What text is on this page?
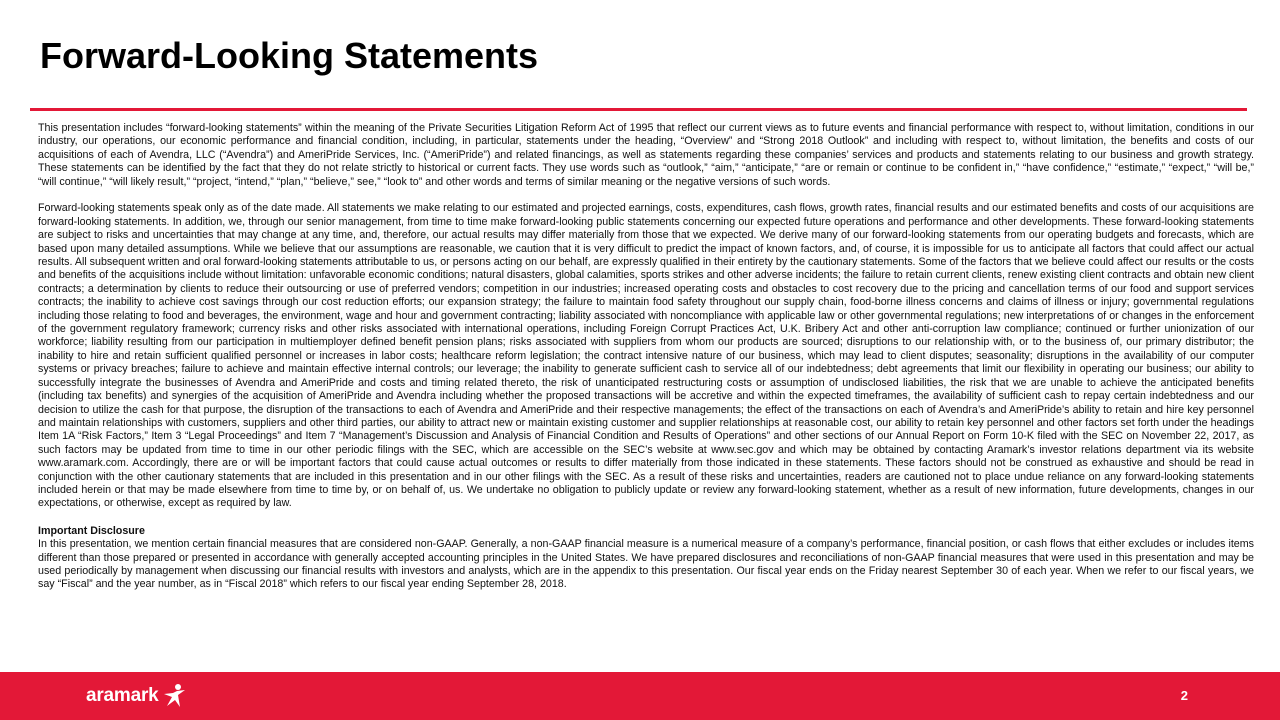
Forward-Looking Statements

This presentation includes “forward-looking statements” within the meaning of the Private Securities Litigation Reform Act of 1995 that reflect our current views as to future events and financial performance with respect to, without limitation, conditions in our industry, our operations, our economic performance and financial condition, including, in particular, statements under the heading, “Overview” and “Strong 2018 Outlook” and including with respect to, without limitation, the benefits and costs of our acquisitions of each of Avendra, LLC (“Avendra”) and AmeriPride Services, Inc. (“AmeriPride”) and related financings, as well as statements regarding these companies’ services and products and statements relating to our business and growth strategy. These statements can be identified by the fact that they do not relate strictly to historical or current facts. They use words such as “outlook,” “aim,” “anticipate,” “are or remain or continue to be confident in,” “have confidence,” “estimate,” “expect,” “will be,” “will continue,” “will likely result,” “project, “intend,” “plan,” “believe,” see,” “look to” and other words and terms of similar meaning or the negative versions of such words.

Forward-looking statements speak only as of the date made. All statements we make relating to our estimated and projected earnings, costs, expenditures, cash flows, growth rates, financial results and our estimated benefits and costs of our acquisitions are forward-looking statements. In addition, we, through our senior management, from time to time make forward-looking public statements concerning our expected future operations and performance and other developments. These forward-looking statements are subject to risks and uncertainties that may change at any time, and, therefore, our actual results may differ materially from those that we expected. We derive many of our forward-looking statements from our operating budgets and forecasts, which are based upon many detailed assumptions. While we believe that our assumptions are reasonable, we caution that it is very difficult to predict the impact of known factors, and, of course, it is impossible for us to anticipate all factors that could affect our actual results. All subsequent written and oral forward-looking statements attributable to us, or persons acting on our behalf, are expressly qualified in their entirety by the cautionary statements. Some of the factors that we believe could affect our results or the costs and benefits of the acquisitions include without limitation: unfavorable economic conditions; natural disasters, global calamities, sports strikes and other adverse incidents; the failure to retain current clients, renew existing client contracts and obtain new client contracts; a determination by clients to reduce their outsourcing or use of preferred vendors; competition in our industries; increased operating costs and obstacles to cost recovery due to the pricing and cancellation terms of our food and support services contracts; the inability to achieve cost savings through our cost reduction efforts; our expansion strategy; the failure to maintain food safety throughout our supply chain, food-borne illness concerns and claims of illness or injury; governmental regulations including those relating to food and beverages, the environment, wage and hour and government contracting; liability associated with noncompliance with applicable law or other governmental regulations; new interpretations of or changes in the enforcement of the government regulatory framework; currency risks and other risks associated with international operations, including Foreign Corrupt Practices Act, U.K. Bribery Act and other anti-corruption law compliance; continued or further unionization of our workforce; liability resulting from our participation in multiemployer defined benefit pension plans; risks associated with suppliers from whom our products are sourced; disruptions to our relationship with, or to the business of, our primary distributor; the inability to hire and retain sufficient qualified personnel or increases in labor costs; healthcare reform legislation; the contract intensive nature of our business, which may lead to client disputes; seasonality; disruptions in the availability of our computer systems or privacy breaches; failure to achieve and maintain effective internal controls; our leverage; the inability to generate sufficient cash to service all of our indebtedness; debt agreements that limit our flexibility in operating our business; our ability to successfully integrate the businesses of Avendra and AmeriPride and costs and timing related thereto, the risk of unanticipated restructuring costs or assumption of undisclosed liabilities, the risk that we are unable to achieve the anticipated benefits (including tax benefits) and synergies of the acquisition of AmeriPride and Avendra including whether the proposed transactions will be accretive and within the expected timeframes, the availability of sufficient cash to repay certain indebtedness and our decision to utilize the cash for that purpose, the disruption of the transactions to each of Avendra and AmeriPride and their respective managements; the effect of the transactions on each of Avendra’s and AmeriPride’s ability to retain and hire key personnel and maintain relationships with customers, suppliers and other third parties, our ability to attract new or maintain existing customer and supplier relationships at reasonable cost, our ability to retain key personnel and other factors set forth under the headings Item 1A “Risk Factors,” Item 3 “Legal Proceedings” and Item 7 “Management’s Discussion and Analysis of Financial Condition and Results of Operations” and other sections of our Annual Report on Form 10-K filed with the SEC on November 22, 2017, as such factors may be updated from time to time in our other periodic filings with the SEC, which are accessible on the SEC’s website at www.sec.gov and which may be obtained by contacting Aramark’s investor relations department via its website www.aramark.com. Accordingly, there are or will be important factors that could cause actual outcomes or results to differ materially from those indicated in these statements. These factors should not be construed as exhaustive and should be read in conjunction with the other cautionary statements that are included in this presentation and in our other filings with the SEC. As a result of these risks and uncertainties, readers are cautioned not to place undue reliance on any forward-looking statements included herein or that may be made elsewhere from time to time by, or on behalf of, us. We undertake no obligation to publicly update or review any forward-looking statement, whether as a result of new information, future developments, changes in our expectations, or otherwise, except as required by law.

Important Disclosure

In this presentation, we mention certain financial measures that are considered non-GAAP. Generally, a non-GAAP financial measure is a numerical measure of a company’s performance, financial position, or cash flows that either excludes or includes items different than those prepared or presented in accordance with generally accepted accounting principles in the United States. We have prepared disclosures and reconciliations of non-GAAP financial measures that were used in this presentation and may be used periodically by management when discussing our financial results with investors and analysts, which are in the appendix to this presentation. Our fiscal year ends on the Friday nearest September 30 of each year. When we refer to our fiscal years, we say “Fiscal” and the year number, as in “Fiscal 2018” which refers to our fiscal year ending September 28, 2018.

aramark	2
